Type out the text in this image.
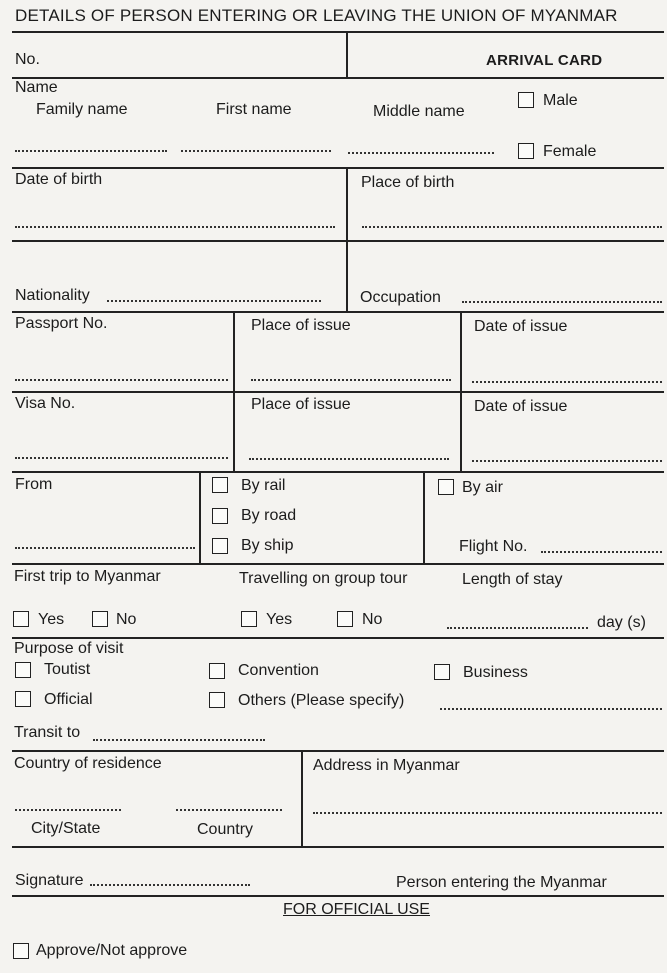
DETAILS OF PERSON ENTERING OR LEAVING THE UNION OF MYANMAR
No.	ARRIVAL CARD
Name
Family name	First name	Middle name
Male
Female
Date of birth	Place of birth
Nationality	Occupation
Passport No.	Place of issue	Date of issue
Visa No.	Place of issue	Date of issue
From	By rail
By road
By ship
By air
Flight No.
First trip to Myanmar
Yes	No
Travelling on group tour
Yes	No
Length of stay
day (s)
Purpose of visit
Toutist	Convention	Business
Official	Others (Please specify)
Transit to
Country of residence
City/State	Country
Address in Myanmar
Signature	Person entering the Myanmar
FOR OFFICIAL USE
Approve/Not approve
